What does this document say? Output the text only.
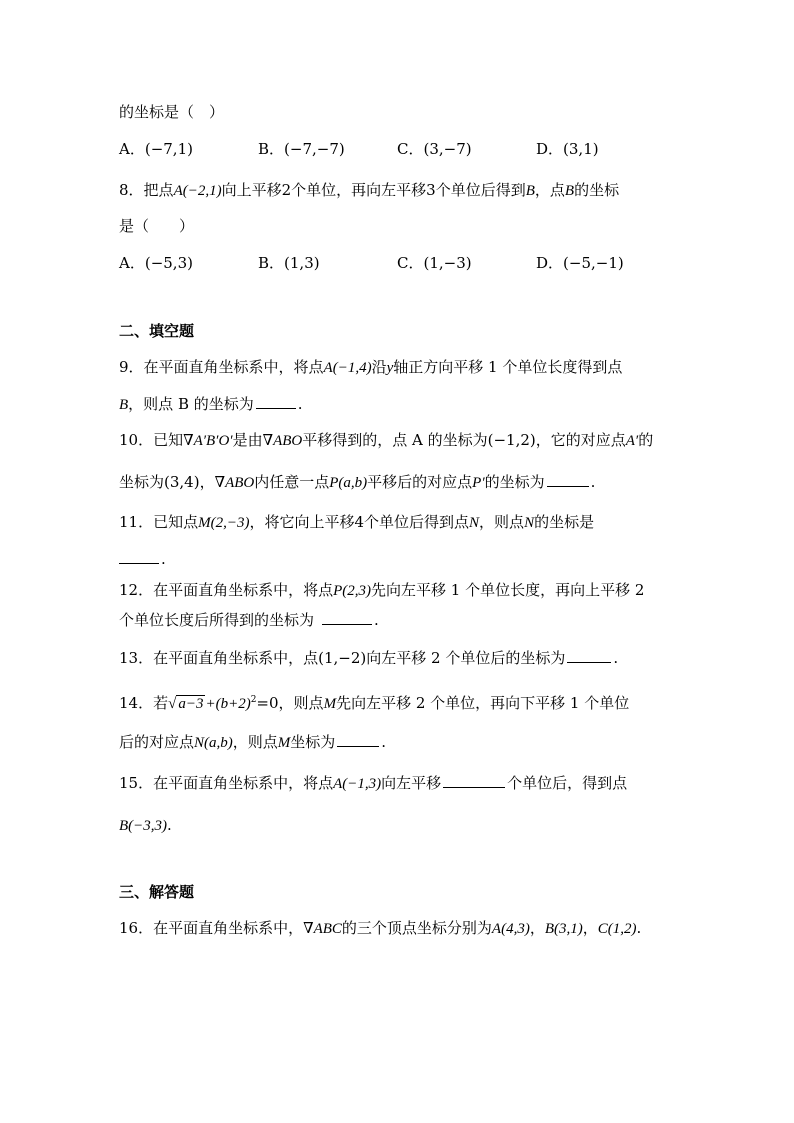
的坐标是（　）
A．(−7,1)	B．(−7,−7)	C．(3,−7)	D．(3,1)
8．把点A(−2,1)向上平移2个单位，再向左平移3个单位后得到B，点B的坐标
是（　　）
A．(−5,3)	B．(1,3)	C．(1,−3)	D．(−5,−1)
二、填空题
9．在平面直角坐标系中，将点A(−1,4)沿y轴正方向平移 1 个单位长度得到点
B，则点 B 的坐标为	.
10．已知∇A′B′O′是由∇ABO平移得到的，点 A 的坐标为(−1,2)，它的对应点A′的
坐标为(3,4)，∇ABO内任意一点P(a,b)平移后的对应点P′的坐标为	.
11．已知点M(2,−3)，将它向上平移4个单位后得到点N，则点N的坐标是
.
12．在平面直角坐标系中，将点P(2,3)先向左平移 1 个单位长度，再向上平移 2
个单位长度后所得到的坐标为	.
13．在平面直角坐标系中，点(1,−2)向左平移 2 个单位后的坐标为	.
14．若√ $a-3 +(b+2)^2=0$，则点M先向左平移 2 个单位，再向下平移 1 个单位
后的对应点N(a,b)，则点M坐标为	.
15．在平面直角坐标系中，将点A(−1,3)向左平移	个单位后，得到点
B(−3,3).
三、解答题
16．在平面直角坐标系中，∇ABC的三个顶点坐标分别为A(4,3)，B(3,1)，C(1,2).
